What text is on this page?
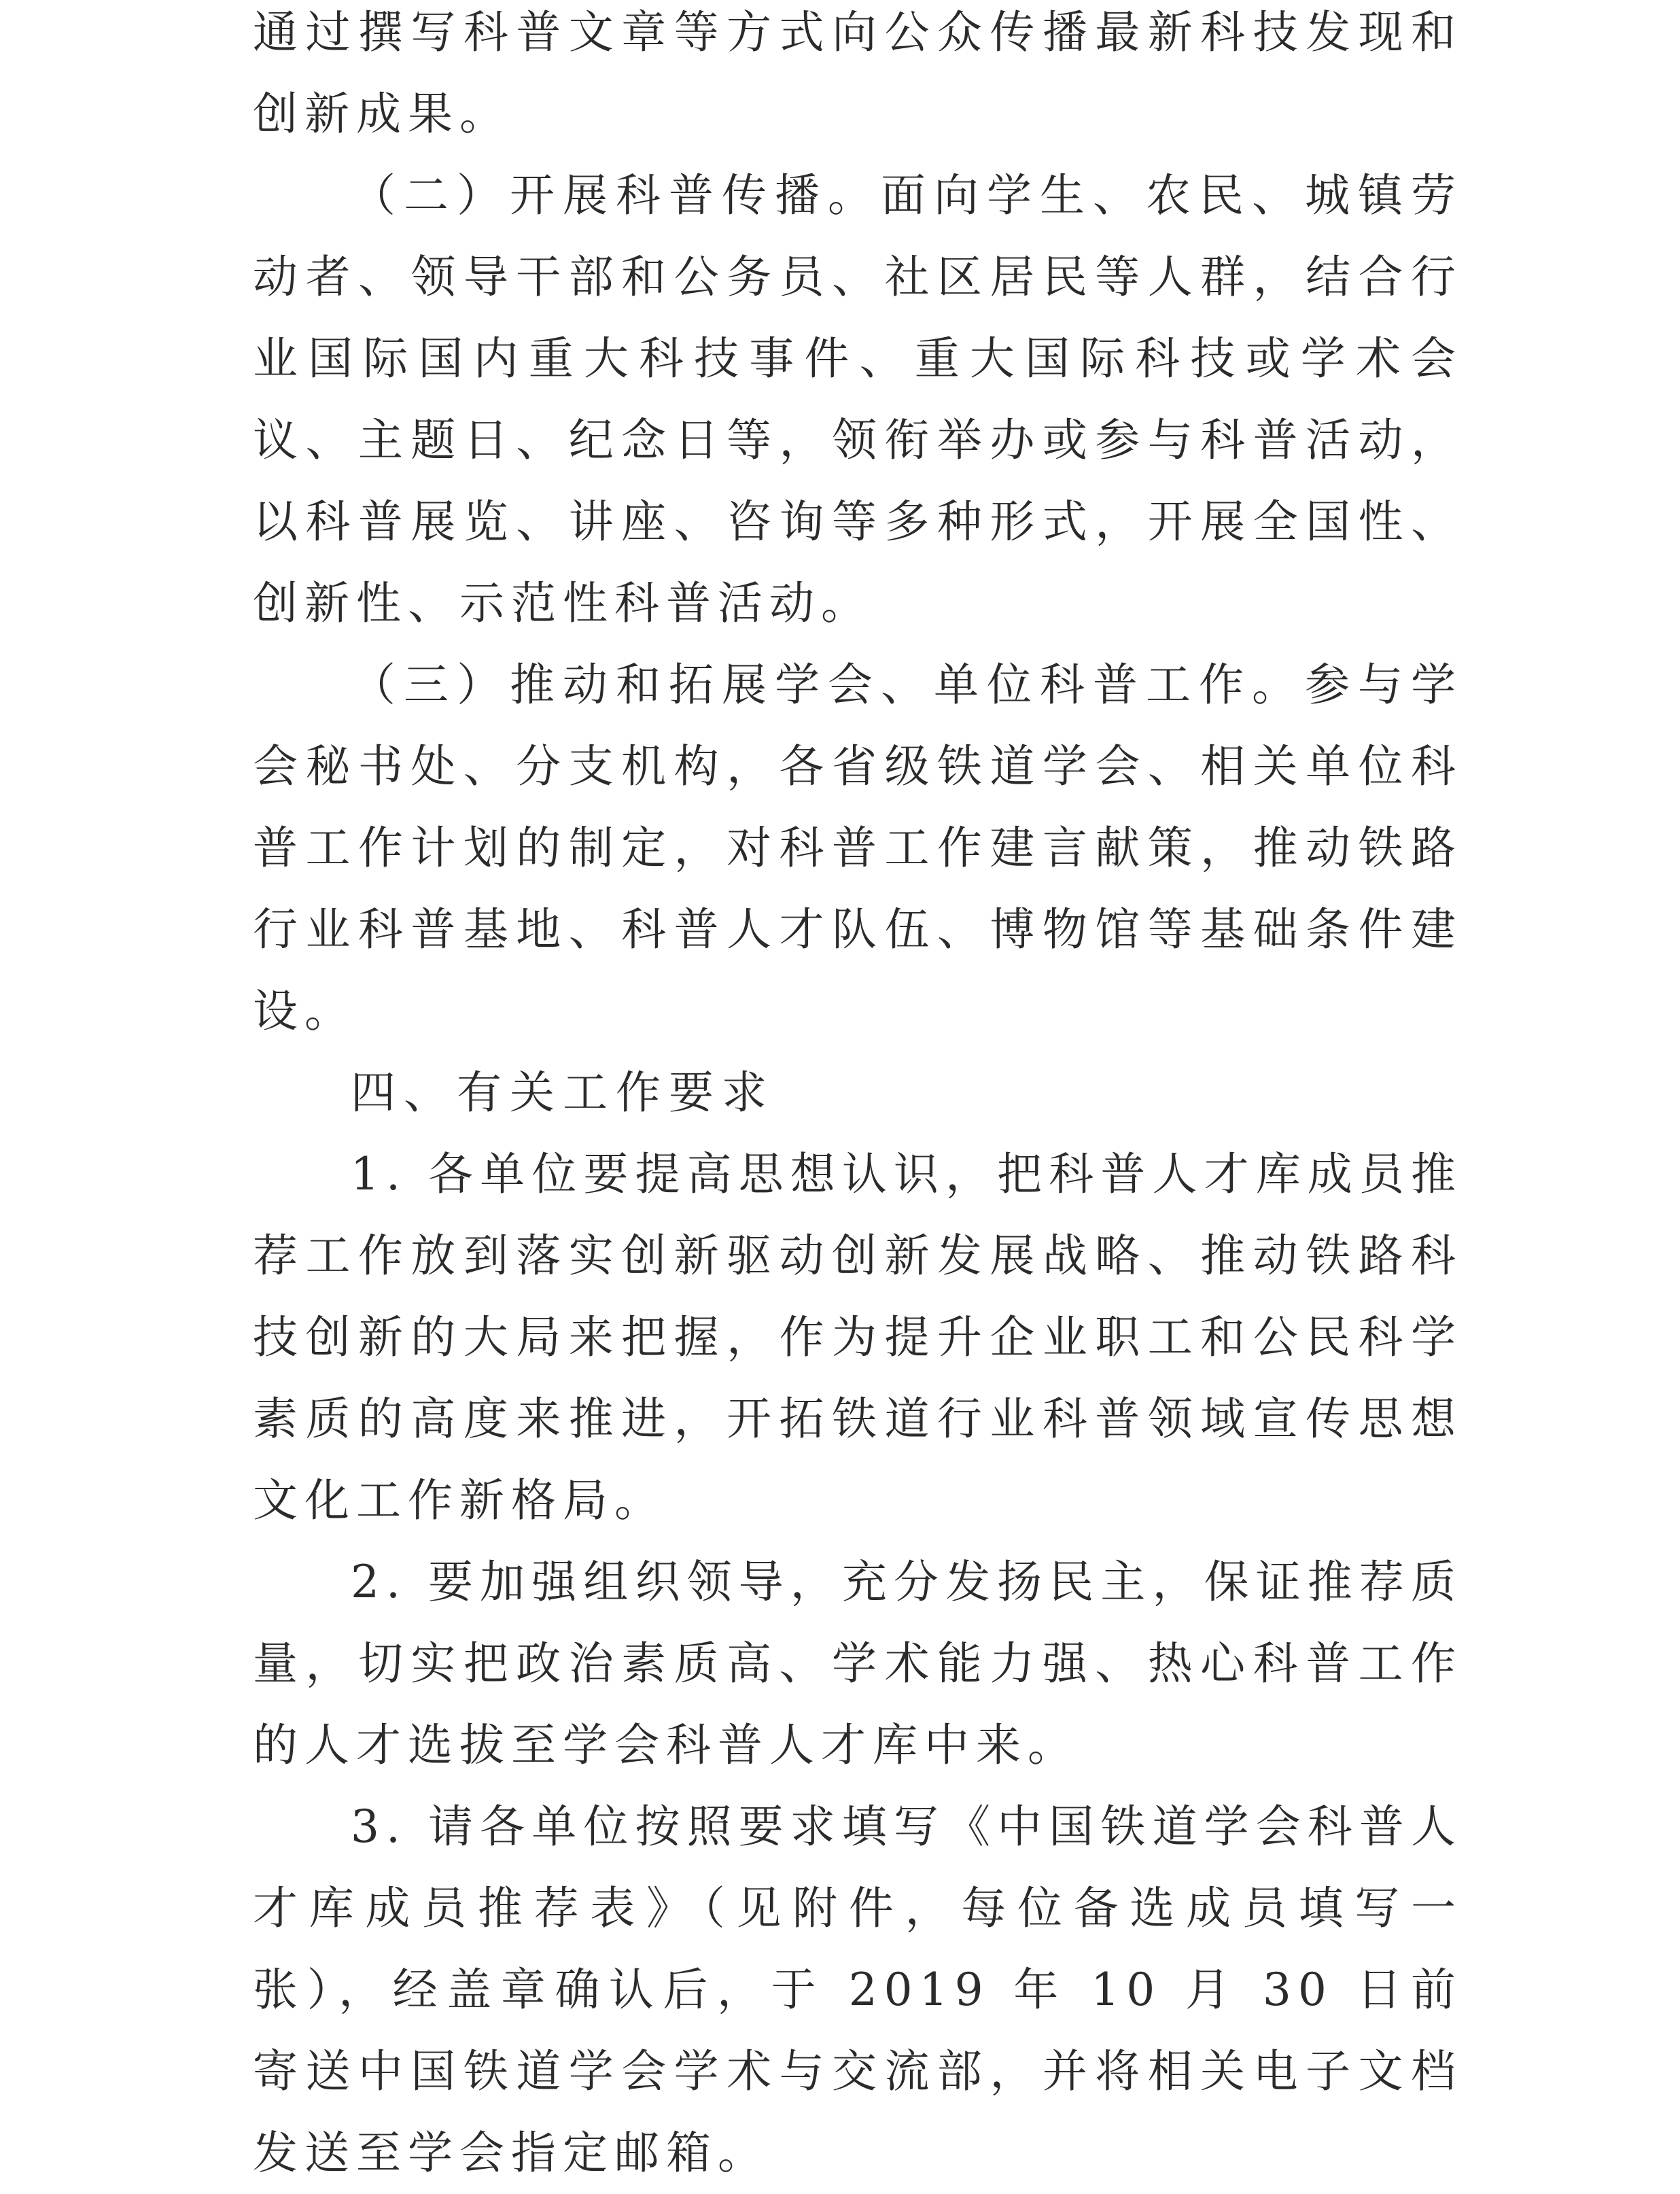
通过撰写科普文章等方式向公众传播最新科技发现和创新成果。

（二）开展科普传播。面向学生、农民、城镇劳动者、领导干部和公务员、社区居民等人群，结合行业国际国内重大科技事件、重大国际科技或学术会议、主题日、纪念日等，领衔举办或参与科普活动，以科普展览、讲座、咨询等多种形式，开展全国性、创新性、示范性科普活动。

（三）推动和拓展学会、单位科普工作。参与学会秘书处、分支机构，各省级铁道学会、相关单位科普工作计划的制定，对科普工作建言献策，推动铁路行业科普基地、科普人才队伍、博物馆等基础条件建设。

四、有关工作要求

1. 各单位要提高思想认识，把科普人才库成员推荐工作放到落实创新驱动创新发展战略、推动铁路科技创新的大局来把握，作为提升企业职工和公民科学素质的高度来推进，开拓铁道行业科普领域宣传思想文化工作新格局。

2. 要加强组织领导，充分发扬民主，保证推荐质量，切实把政治素质高、学术能力强、热心科普工作的人才选拔至学会科普人才库中来。

3. 请各单位按照要求填写《中国铁道学会科普人才库成员推荐表》（见附件，每位备选成员填写一张），经盖章确认后，于 2019 年 10 月 30 日前寄送中国铁道学会学术与交流部，并将相关电子文档发送至学会指定邮箱。
